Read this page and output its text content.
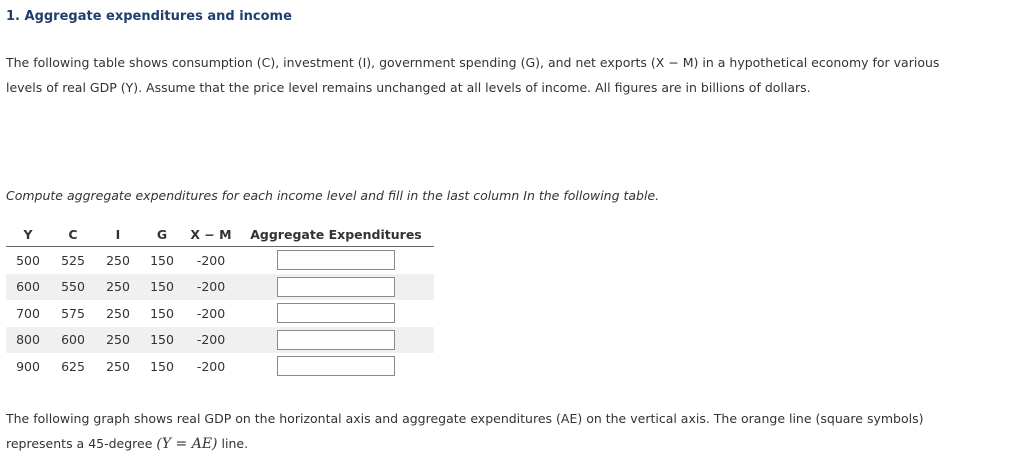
1. Aggregate expenditures and income

The following table shows consumption (C), investment (I), government spending (G), and net exports (X − M) in a hypothetical economy for various
levels of real GDP (Y). Assume that the price level remains unchanged at all levels of income. All figures are in billions of dollars.

Compute aggregate expenditures for each income level and fill in the last column In the following table.

Y	C	I	G	X − M	Aggregate Expenditures
500	525	250	150	-200	

600	550	250	150	-200	

700	575	250	150	-200	

800	600	250	150	-200	

900	625	250	150	-200	

The following graph shows real GDP on the horizontal axis and aggregate expenditures (AE) on the vertical axis. The orange line (square symbols)
represents a 45-degree (Y = AE) line.
